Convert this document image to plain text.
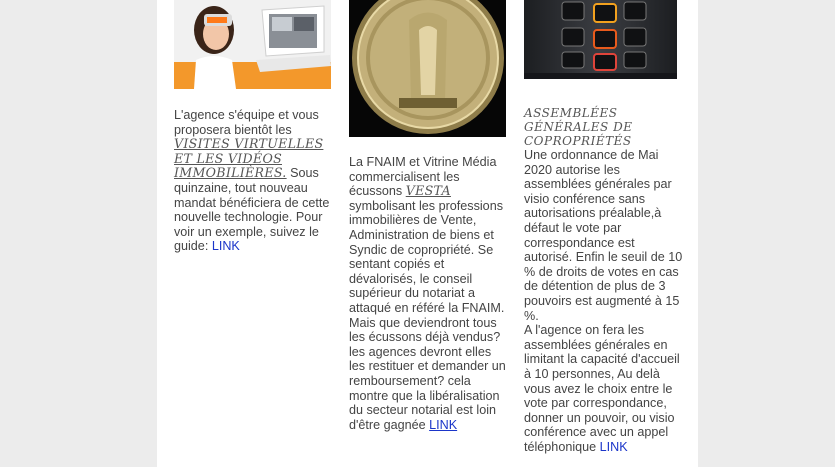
L'agence s'équipe et vous proposera bientôt les VISITES VIRTUELLES ET LES VIDÉOS IMMOBILIÈRES. Sous quinzaine, tout nouveau mandat bénéficiera de cette nouvelle technologie. Pour voir un exemple, suivez le guide: LINK

La FNAIM et Vitrine Média commercialisent les écussons VESTA symbolisant les professions immobilières de Vente, Administration de biens et Syndic de copropriété. Se sentant copiés et dévalorisés, le conseil supérieur du notariat a attaqué en référé la FNAIM. Mais que deviendront tous les écussons déjà vendus? les agences devront elles les restituer et demander un remboursement? cela montre que la libéralisation du secteur notarial est loin d'être gagnée LINK

ASSEMBLÉES GÉNÉRALES DE COPROPRIÉTÉS

Une ordonnance de Mai 2020 autorise les assemblées générales par visio conférence sans autorisations préalable,à défaut le vote par correspondance est autorisé. Enfin le seuil de 10 % de droits de votes en cas de détention de plus de 3 pouvoirs est augmenté à 15 %.

A l'agence on fera les assemblées générales en limitant la capacité d'accueil à 10 personnes, Au delà vous avez le choix entre le vote par correspondance, donner un pouvoir, ou visio conférence avec un appel téléphonique LINK
